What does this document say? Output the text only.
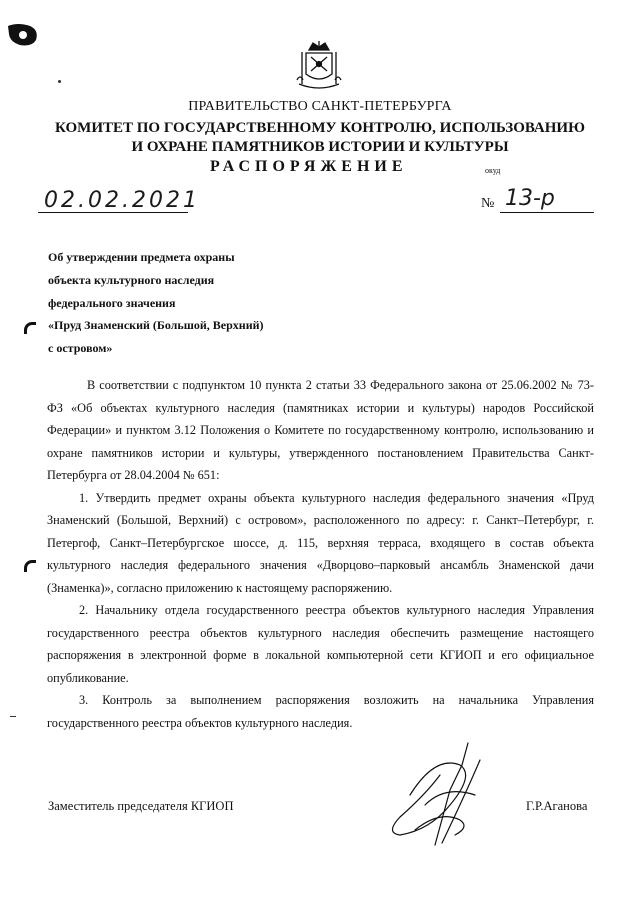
ПРАВИТЕЛЬСТВО САНКТ-ПЕТЕРБУРГА
КОМИТЕТ ПО ГОСУДАРСТВЕННОМУ КОНТРОЛЮ, ИСПОЛЬЗОВАНИЮ
И ОХРАНЕ ПАМЯТНИКОВ ИСТОРИИ И КУЛЬТУРЫ
РАСПОРЯЖЕНИЕ	окуд
02.02.2021	№ 13-р
Об утверждении предмета охраны
объекта культурного наследия
федерального значения
«Пруд Знаменский (Большой, Верхний)
с островом»

В соответствии с подпунктом 10 пункта 2 статьи 33 Федерального закона от 25.06.2002 № 73-ФЗ «Об объектах культурного наследия (памятниках истории и культуры) народов Российской Федерации» и пунктом 3.12 Положения о Комитете по государственному контролю, использованию и охране памятников истории и культуры, утвержденного постановлением Правительства Санкт-Петербурга от 28.04.2004 № 651:

1. Утвердить предмет охраны объекта культурного наследия федерального значения «Пруд Знаменский (Большой, Верхний) с островом», расположенного по адресу: г. Санкт–Петербург, г. Петергоф, Санкт–Петербургское шоссе, д. 115, верхняя терраса, входящего в состав объекта культурного наследия федерального значения «Дворцово–парковый ансамбль Знаменской дачи (Знаменка)», согласно приложению к настоящему распоряжению.

2. Начальнику отдела государственного реестра объектов культурного наследия Управления государственного реестра объектов культурного наследия обеспечить размещение настоящего распоряжения в электронной форме в локальной компьютерной сети КГИОП и его официальное опубликование.

3. Контроль за выполнением распоряжения возложить на начальника Управления государственного реестра объектов культурного наследия.

Заместитель председателя КГИОП	Г.Р.Аганова
